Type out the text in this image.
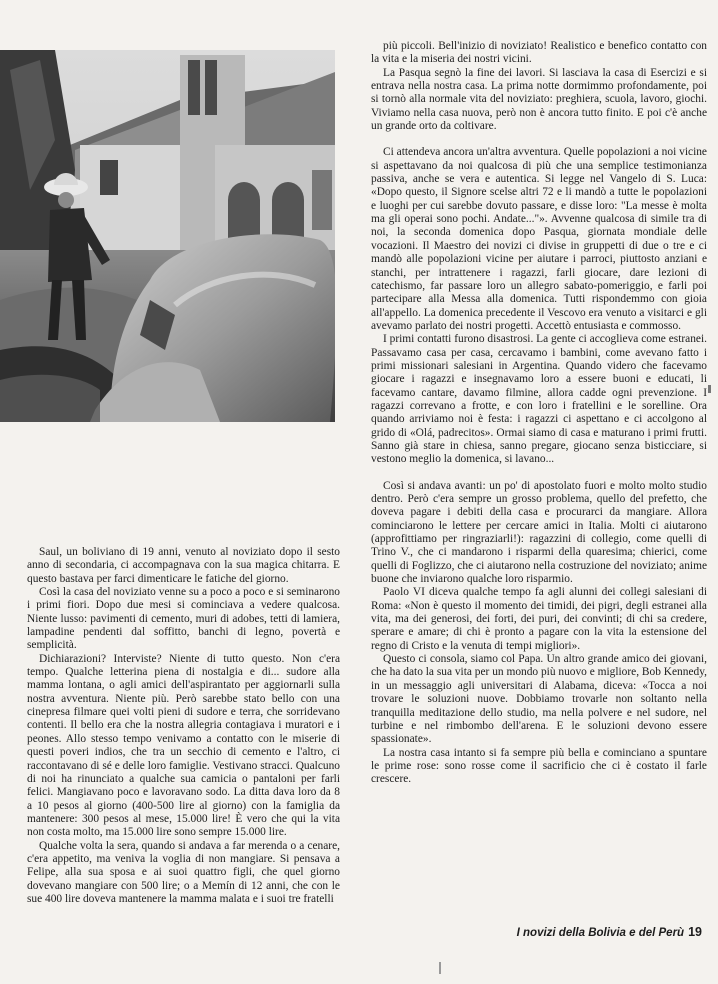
più piccoli. Bell'inizio di noviziato! Realistico e benefico contatto con la vita e la miseria dei nostri vicini.

La Pasqua segnò la fine dei lavori. Si lasciava la casa di Esercizi e si entrava nella nostra casa. La prima notte dormimmo profondamente, poi si tornò alla normale vita del noviziato: preghiera, scuola, lavoro, giochi. Viviamo nella casa nuova, però non è ancora tutto finito. E poi c'è anche un grande orto da coltivare.

Ci attendeva ancora un'altra avventura. Quelle popolazioni a noi vicine si aspettavano da noi qualcosa di più che una semplice testimonianza passiva, anche se vera e autentica. Si legge nel Vangelo di S. Luca: «Dopo questo, il Signore scelse altri 72 e li mandò a tutte le popolazioni e luoghi per cui sarebbe dovuto passare, e disse loro: "La messe è molta ma gli operai sono pochi. Andate..."». Avvenne qualcosa di simile tra di noi, la seconda domenica dopo Pasqua, giornata mondiale delle vocazioni. Il Maestro dei novizi ci divise in gruppetti di due o tre e ci mandò alle popolazioni vicine per aiutare i parroci, piuttosto anziani e stanchi, per intrattenere i ragazzi, farli giocare, dare lezioni di catechismo, far passare loro un allegro sabato-pomeriggio, e farli poi partecipare alla Messa alla domenica. Tutti rispondemmo con gioia all'appello. La domenica precedente il Vescovo era venuto a visitarci e gli avevamo parlato dei nostri progetti. Accettò entusiasta e commosso.

I primi contatti furono disastrosi. La gente ci accoglieva come estranei. Passavamo casa per casa, cercavamo i bambini, come avevano fatto i primi missionari salesiani in Argentina. Quando videro che facevamo giocare i ragazzi e insegnavamo loro a essere buoni e educati, li facevamo cantare, davamo filmine, allora cadde ogni prevenzione. I ragazzi correvano a frotte, e con loro i fratellini e le sorelline. Ora quando arriviamo noi è festa: i ragazzi ci aspettano e ci accolgono al grido di «Olá, padrecitos». Ormai siamo di casa e maturano i primi frutti. Sanno già stare in chiesa, sanno pregare, giocano senza bisticciare, si vestono meglio la domenica, si lavano...

Così si andava avanti: un po' di apostolato fuori e molto molto studio dentro. Però c'era sempre un grosso problema, quello del prefetto, che doveva pagare i debiti della casa e procurarci da mangiare. Allora cominciarono le lettere per cercare amici in Italia. Molti ci aiutarono (approfittiamo per ringraziarli!): ragazzini di collegio, come quelli di Trino V., che ci mandarono i risparmi della quaresima; chierici, come quelli di Foglizzo, che ci aiutarono nella costruzione del noviziato; anime buone che inviarono qualche loro risparmio.

Paolo VI diceva qualche tempo fa agli alunni dei collegi salesiani di Roma: «Non è questo il momento dei timidi, dei pigri, degli estranei alla vita, ma dei generosi, dei forti, dei puri, dei convinti; di chi sa credere, sperare e amare; di chi è pronto a pagare con la vita la estensione del regno di Cristo e la venuta di tempi migliori».

Questo ci consola, siamo col Papa. Un altro grande amico dei giovani, che ha dato la sua vita per un mondo più nuovo e migliore, Bob Kennedy, in un messaggio agli universitari di Alabama, diceva: «Tocca a noi trovare le soluzioni nuove. Dobbiamo trovarle non soltanto nella tranquilla meditazione dello studio, ma nella polvere e nel sudore, nel turbine e nel rimbombo dell'arena. E le soluzioni devono essere spassionate».

La nostra casa intanto si fa sempre più bella e cominciano a spuntare le prime rose: sono rosse come il sacrificio che ci è costato il farle crescere.

Saul, un boliviano di 19 anni, venuto al noviziato dopo il sesto anno di secondaria, ci accompagnava con la sua magica chitarra. E questo bastava per farci dimenticare le fatiche del giorno.

Così la casa del noviziato venne su a poco a poco e si seminarono i primi fiori. Dopo due mesi si cominciava a vedere qualcosa. Niente lusso: pavimenti di cemento, muri di adobes, tetti di lamiera, lampadine pendenti dal soffitto, banchi di legno, povertà e semplicità.

Dichiarazioni? Interviste? Niente di tutto questo. Non c'era tempo. Qualche letterina piena di nostalgia e di... sudore alla mamma lontana, o agli amici dell'aspirantato per aggiornarli sulla nostra avventura. Niente più. Però sarebbe stato bello con una cinepresa filmare quei volti pieni di sudore e terra, che sorridevano contenti. Il bello era che la nostra allegria contagiava i muratori e i peones. Allo stesso tempo venivamo a contatto con le miserie di questi poveri indios, che tra un secchio di cemento e l'altro, ci raccontavano di sé e delle loro famiglie. Vestivano stracci. Qualcuno di noi ha rinunciato a qualche sua camicia o pantaloni per farli felici. Mangiavano poco e lavoravano sodo. La ditta dava loro da 8 a 10 pesos al giorno (400-500 lire al giorno) con la famiglia da mantenere: 300 pesos al mese, 15.000 lire! È vero che qui la vita non costa molto, ma 15.000 lire sono sempre 15.000 lire.

Qualche volta la sera, quando si andava a far merenda o a cenare, c'era appetito, ma veniva la voglia di non mangiare. Si pensava a Felipe, alla sua sposa e ai suoi quattro figli, che quel giorno dovevano mangiare con 500 lire; o a Memín di 12 anni, che con le sue 400 lire doveva mantenere la mamma malata e i suoi tre fratelli

I novizi della Bolivia e del Perù 19
